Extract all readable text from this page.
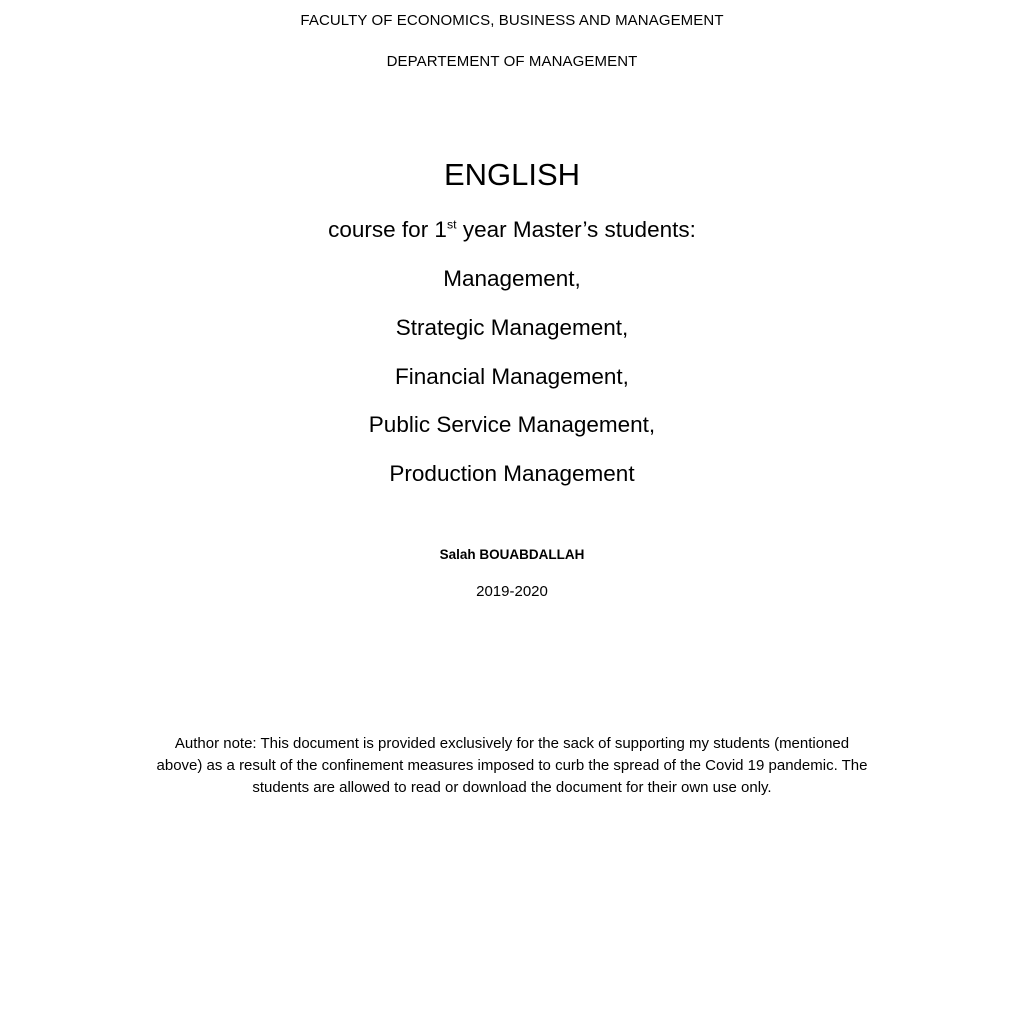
FACULTY OF ECONOMICS, BUSINESS AND MANAGEMENT
DEPARTEMENT OF MANAGEMENT
ENGLISH
course for 1st year Master’s students:
Management,
Strategic Management,
Financial Management,
Public Service Management,
Production Management
Salah BOUABDALLAH
2019-2020
Author note: This document is provided exclusively for the sack of supporting my students (mentioned
above) as a result of the confinement measures imposed to curb the spread of the Covid 19 pandemic. The
students are allowed to read or download the document for their own use only.
